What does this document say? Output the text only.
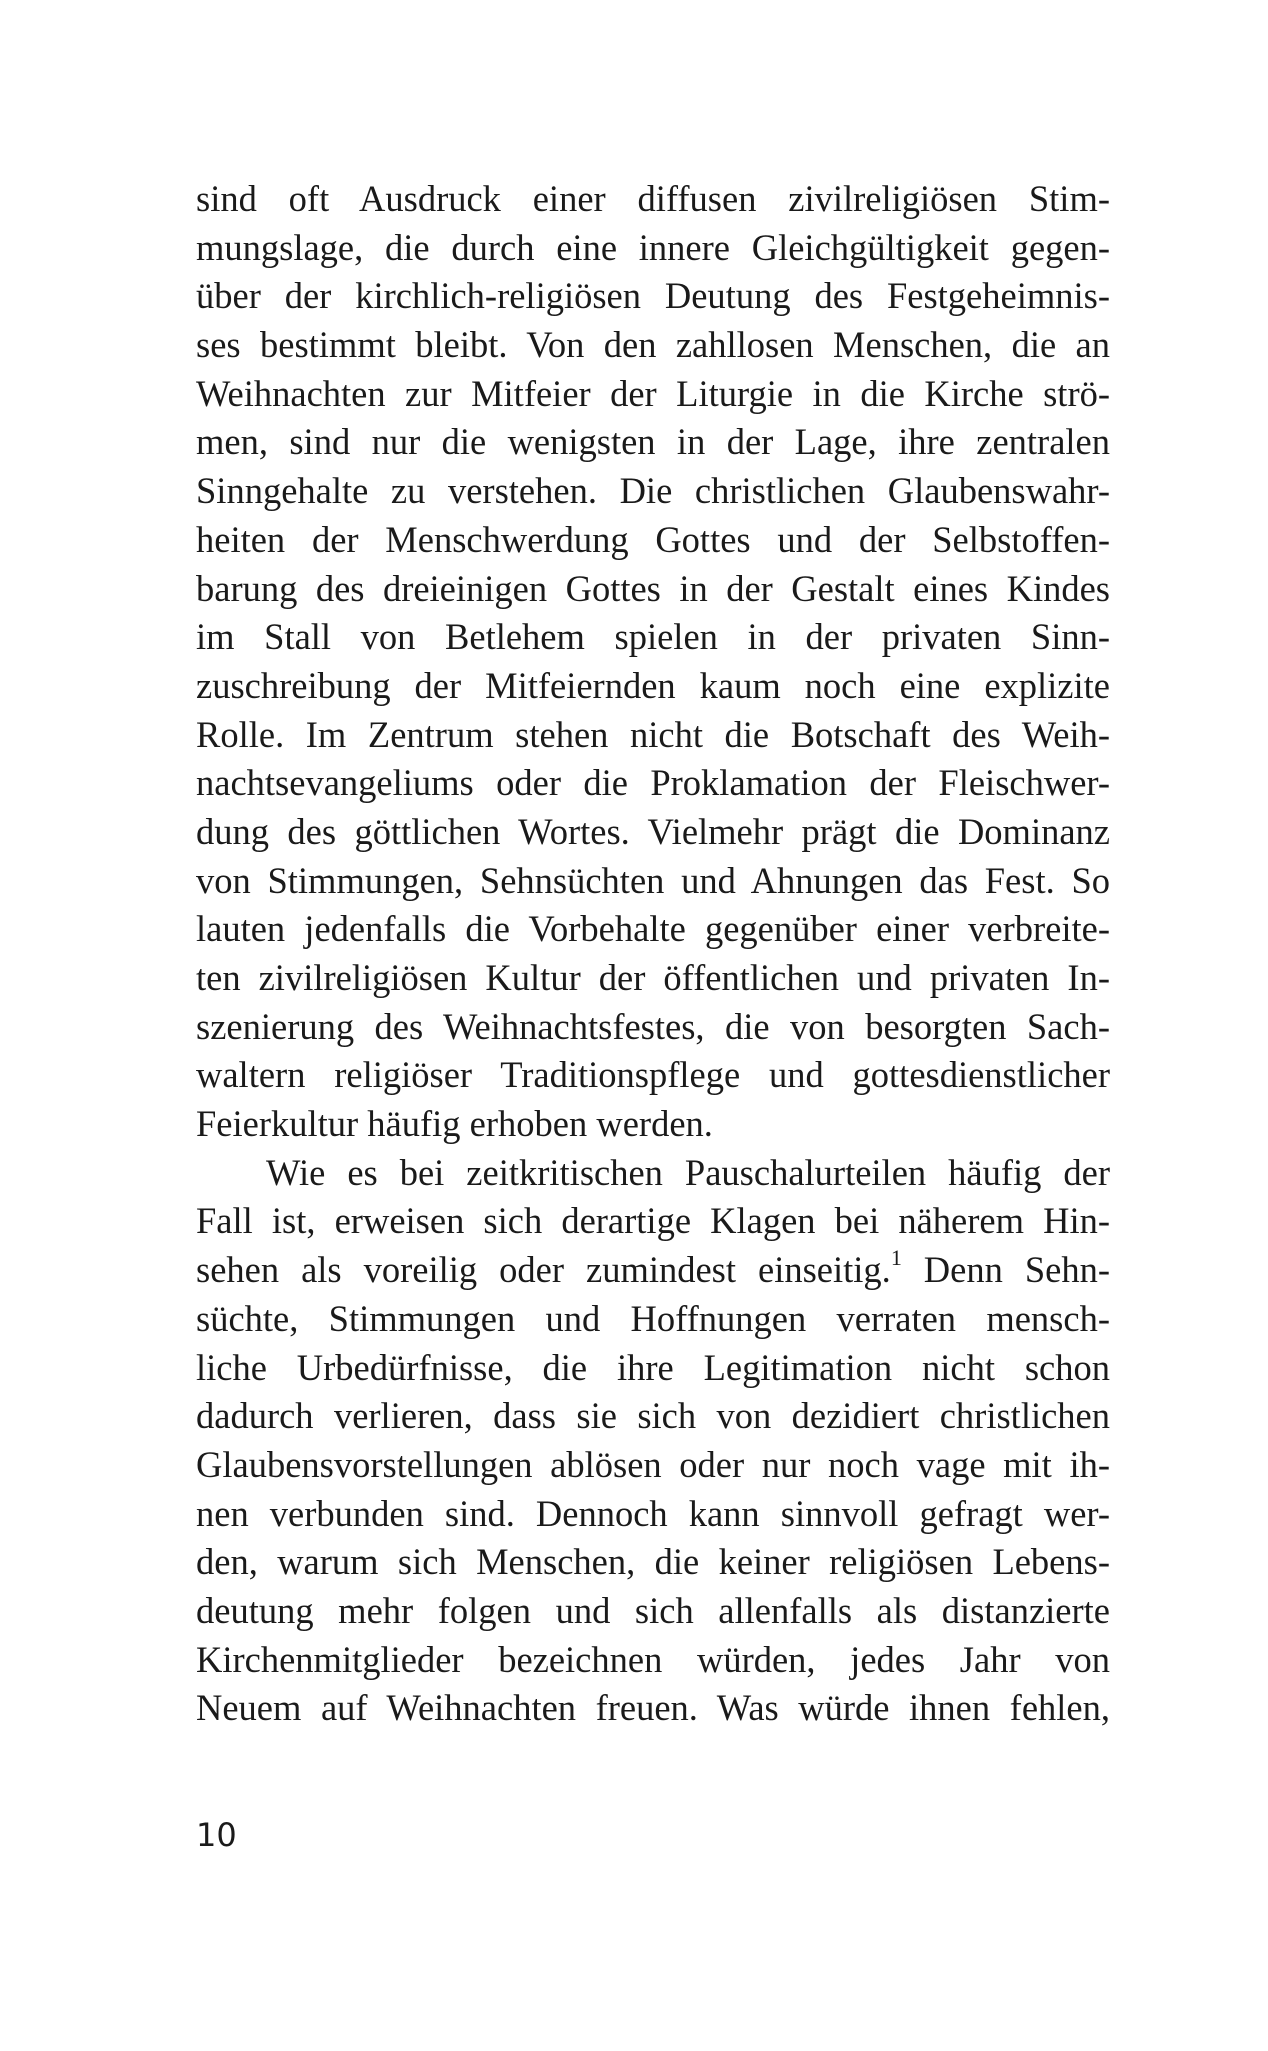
sind oft Ausdruck einer diffusen zivilreligiösen Stim-
mungslage, die durch eine innere Gleichgültigkeit gegen-
über der kirchlich-religiösen Deutung des Festgeheimnis-
ses bestimmt bleibt. Von den zahllosen Menschen, die an
Weihnachten zur Mitfeier der Liturgie in die Kirche strö-
men, sind nur die wenigsten in der Lage, ihre zentralen
Sinngehalte zu verstehen. Die christlichen Glaubenswahr-
heiten der Menschwerdung Gottes und der Selbstoffen-
barung des dreieinigen Gottes in der Gestalt eines Kindes
im Stall von Betlehem spielen in der privaten Sinn-
zuschreibung der Mitfeiernden kaum noch eine explizite
Rolle. Im Zentrum stehen nicht die Botschaft des Weih-
nachtsevangeliums oder die Proklamation der Fleischwer-
dung des göttlichen Wortes. Vielmehr prägt die Dominanz
von Stimmungen, Sehnsüchten und Ahnungen das Fest. So
lauten jedenfalls die Vorbehalte gegenüber einer verbreite-
ten zivilreligiösen Kultur der öffentlichen und privaten In-
szenierung des Weihnachtsfestes, die von besorgten Sach-
waltern religiöser Traditionspflege und gottesdienstlicher
Feierkultur häufig erhoben werden.
Wie es bei zeitkritischen Pauschalurteilen häufig der
Fall ist, erweisen sich derartige Klagen bei näherem Hin-
sehen als voreilig oder zumindest einseitig.$^1$ Denn Sehn-
süchte, Stimmungen und Hoffnungen verraten mensch-
liche Urbedürfnisse, die ihre Legitimation nicht schon
dadurch verlieren, dass sie sich von dezidiert christlichen
Glaubensvorstellungen ablösen oder nur noch vage mit ih-
nen verbunden sind. Dennoch kann sinnvoll gefragt wer-
den, warum sich Menschen, die keiner religiösen Lebens-
deutung mehr folgen und sich allenfalls als distanzierte
Kirchenmitglieder bezeichnen würden, jedes Jahr von
Neuem auf Weihnachten freuen. Was würde ihnen fehlen,
10
